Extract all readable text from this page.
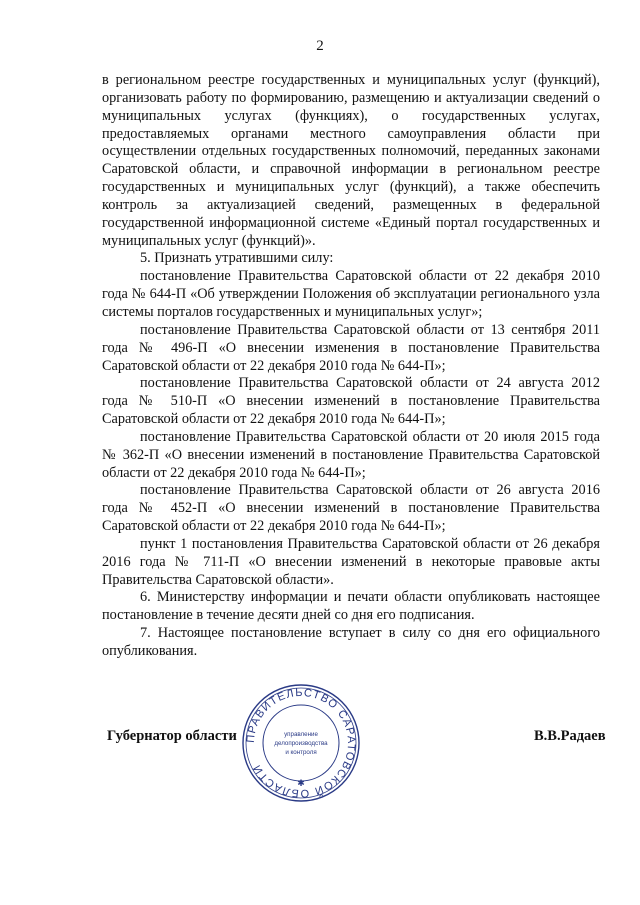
2

в региональном реестре государственных и муниципальных услуг (функций), организовать работу по формированию, размещению и актуализации сведений о муниципальных услугах (функциях), о государственных услугах, предоставляемых органами местного самоуправления области при осуществлении отдельных государственных полномочий, переданных законами Саратовской области, и справочной информации в региональном реестре государственных и муниципальных услуг (функций), а также обеспечить контроль за актуализацией сведений, размещенных в федеральной государственной информационной системе «Единый портал государственных и муниципальных услуг (функций)».

5. Признать утратившими силу:

постановление Правительства Саратовской области от 22 декабря 2010 года № 644-П «Об утверждении Положения об эксплуатации регионального узла системы порталов государственных и муниципальных услуг»;

постановление Правительства Саратовской области от 13 сентября 2011 года № 496-П «О внесении изменения в постановление Правительства Саратовской области от 22 декабря 2010 года № 644-П»;

постановление Правительства Саратовской области от 24 августа 2012 года № 510-П «О внесении изменений в постановление Правительства Саратовской области от 22 декабря 2010 года № 644-П»;

постановление Правительства Саратовской области от 20 июля 2015 года № 362-П «О внесении изменений в постановление Правительства Саратовской области от 22 декабря 2010 года № 644-П»;

постановление Правительства Саратовской области от 26 августа 2016 года № 452-П «О внесении изменений в постановление Правительства Саратовской области от 22 декабря 2010 года № 644-П»;

пункт 1 постановления Правительства Саратовской области от 26 декабря 2016 года № 711-П «О внесении изменений в некоторые правовые акты Правительства Саратовской области».

6. Министерству информации и печати области опубликовать настоящее постановление в течение десяти дней со дня его подписания.

7. Настоящее постановление вступает в силу со дня его официального опубликования.

Губернатор области	В.В.Радаев
ПРАВИТЕЛЬСТВО САРАТОВСКОЙ ОБЛАСТИ
управление
делопроизводства
и контроля
✱
